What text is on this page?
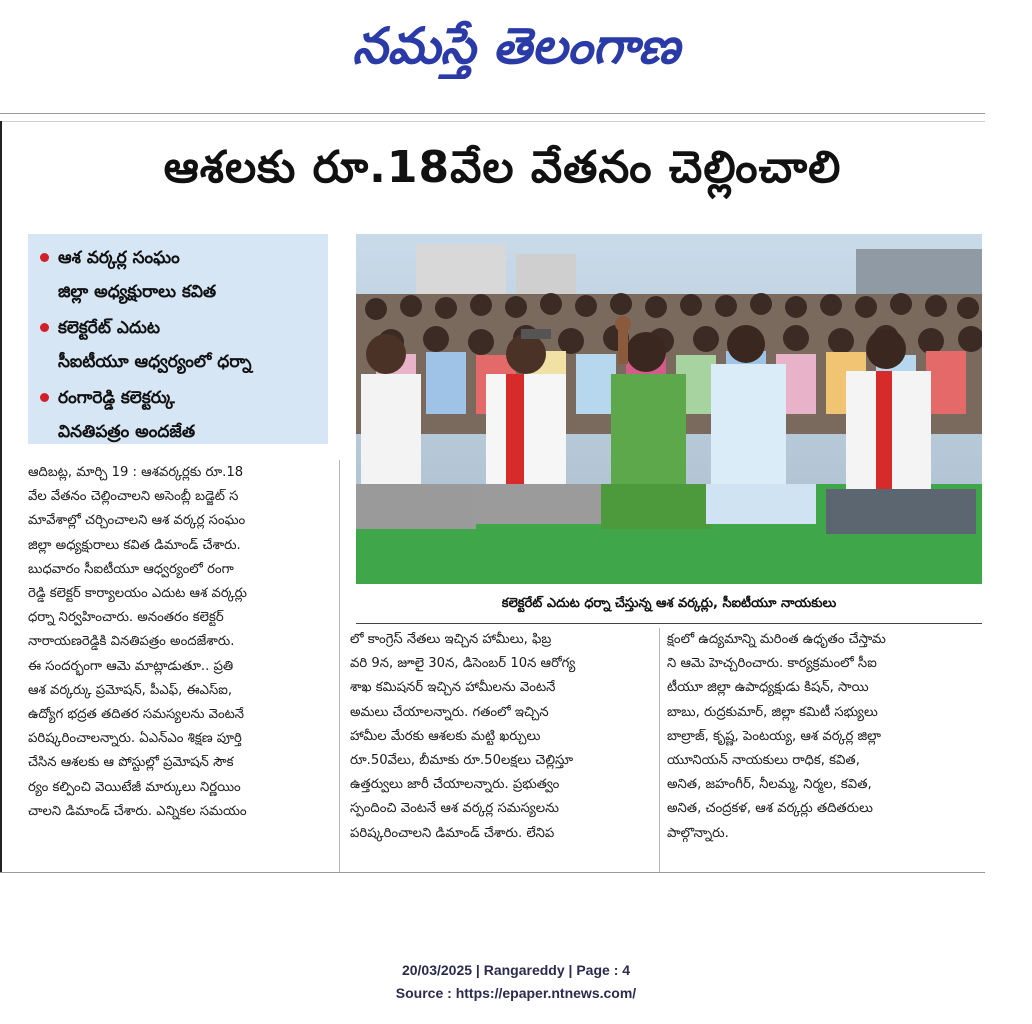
నమస్తే తెలంగాణ
ఆశలకు రూ.18వేల వేతనం చెల్లించాలి
ఆశ వర్కర్ల సంఘం
జిల్లా అధ్యక్షురాలు కవిత
కలెక్టరేట్ ఎదుట
సీఐటీయూ ఆధ్వర్యంలో ధర్నా
రంగారెడ్డి కలెక్టర్కు
వినతిపత్రం అందజేత
కలెక్టరేట్ ఎదుట ధర్నా చేస్తున్న ఆశ వర్కర్లు, సీఐటీయూ నాయకులు
ఆదిబట్ల, మార్చి 19 : ఆశవర్కర్లకు రూ.18
వేల వేతనం చెల్లించాలని అసెంబ్లీ బడ్జెట్ స
మావేశాల్లో చర్చించాలని ఆశ వర్కర్ల సంఘం
జిల్లా అధ్యక్షురాలు కవిత డిమాండ్ చేశారు.
బుధవారం సీఐటీయూ ఆధ్వర్యంలో రంగా
రెడ్డి కలెక్టర్ కార్యాలయం ఎదుట ఆశ వర్కర్లు
ధర్నా నిర్వహించారు. అనంతరం కలెక్టర్
నారాయణరెడ్డికి వినతిపత్రం అందజేశారు.
ఈ సందర్భంగా ఆమె మాట్లాడుతూ.. ప్రతి
ఆశ వర్కర్కు ప్రమోషన్, పీఎఫ్, ఈఎస్ఐ,
ఉద్యోగ భద్రత తదితర సమస్యలను వెంటనే
పరిష్కరించాలన్నారు. ఏఎన్ఎం శిక్షణ పూర్తి
చేసిన ఆశలకు ఆ పోస్టుల్లో ప్రమోషన్ సౌక
ర్యం కల్పించి వెయిటేజీ మార్కులు నిర్ణయిం
చాలని డిమాండ్ చేశారు. ఎన్నికల సమయం
లో కాంగ్రెస్ నేతలు ఇచ్చిన హామీలు, ఫిబ్ర
వరి 9న, జూలై 30న, డిసెంబర్ 10న ఆరోగ్య
శాఖ కమిషనర్ ఇచ్చిన హామీలను వెంటనే
అమలు చేయాలన్నారు. గతంలో ఇచ్చిన
హామీల మేరకు ఆశలకు మట్టి ఖర్చులు
రూ.50వేలు, బీమాకు రూ.50లక్షలు చెల్లిస్తూ
ఉత్తర్వులు జారీ చేయాలన్నారు. ప్రభుత్వం
స్పందించి వెంటనే ఆశ వర్కర్ల సమస్యలను
పరిష్కరించాలని డిమాండ్ చేశారు. లేనిప
క్షంలో ఉద్యమాన్ని మరింత ఉధృతం చేస్తామ
ని ఆమె హెచ్చరించారు. కార్యక్రమంలో సీఐ
టీయూ జిల్లా ఉపాధ్యక్షుడు కిషన్, సాయి
బాబు, రుద్రకుమార్, జిల్లా కమిటీ సభ్యులు
బాల్రాజ్, కృష్ణ, పెంటయ్య, ఆశ వర్కర్ల జిల్లా
యూనియన్ నాయకులు రాధిక, కవిత,
అనిత, జహంగీర్, నీలమ్మ, నిర్మల, కవిత,
అనిత, చంద్రకళ, ఆశ వర్కర్లు తదితరులు
పాల్గొన్నారు.
20/03/2025 | Rangareddy | Page : 4
Source : https://epaper.ntnews.com/
